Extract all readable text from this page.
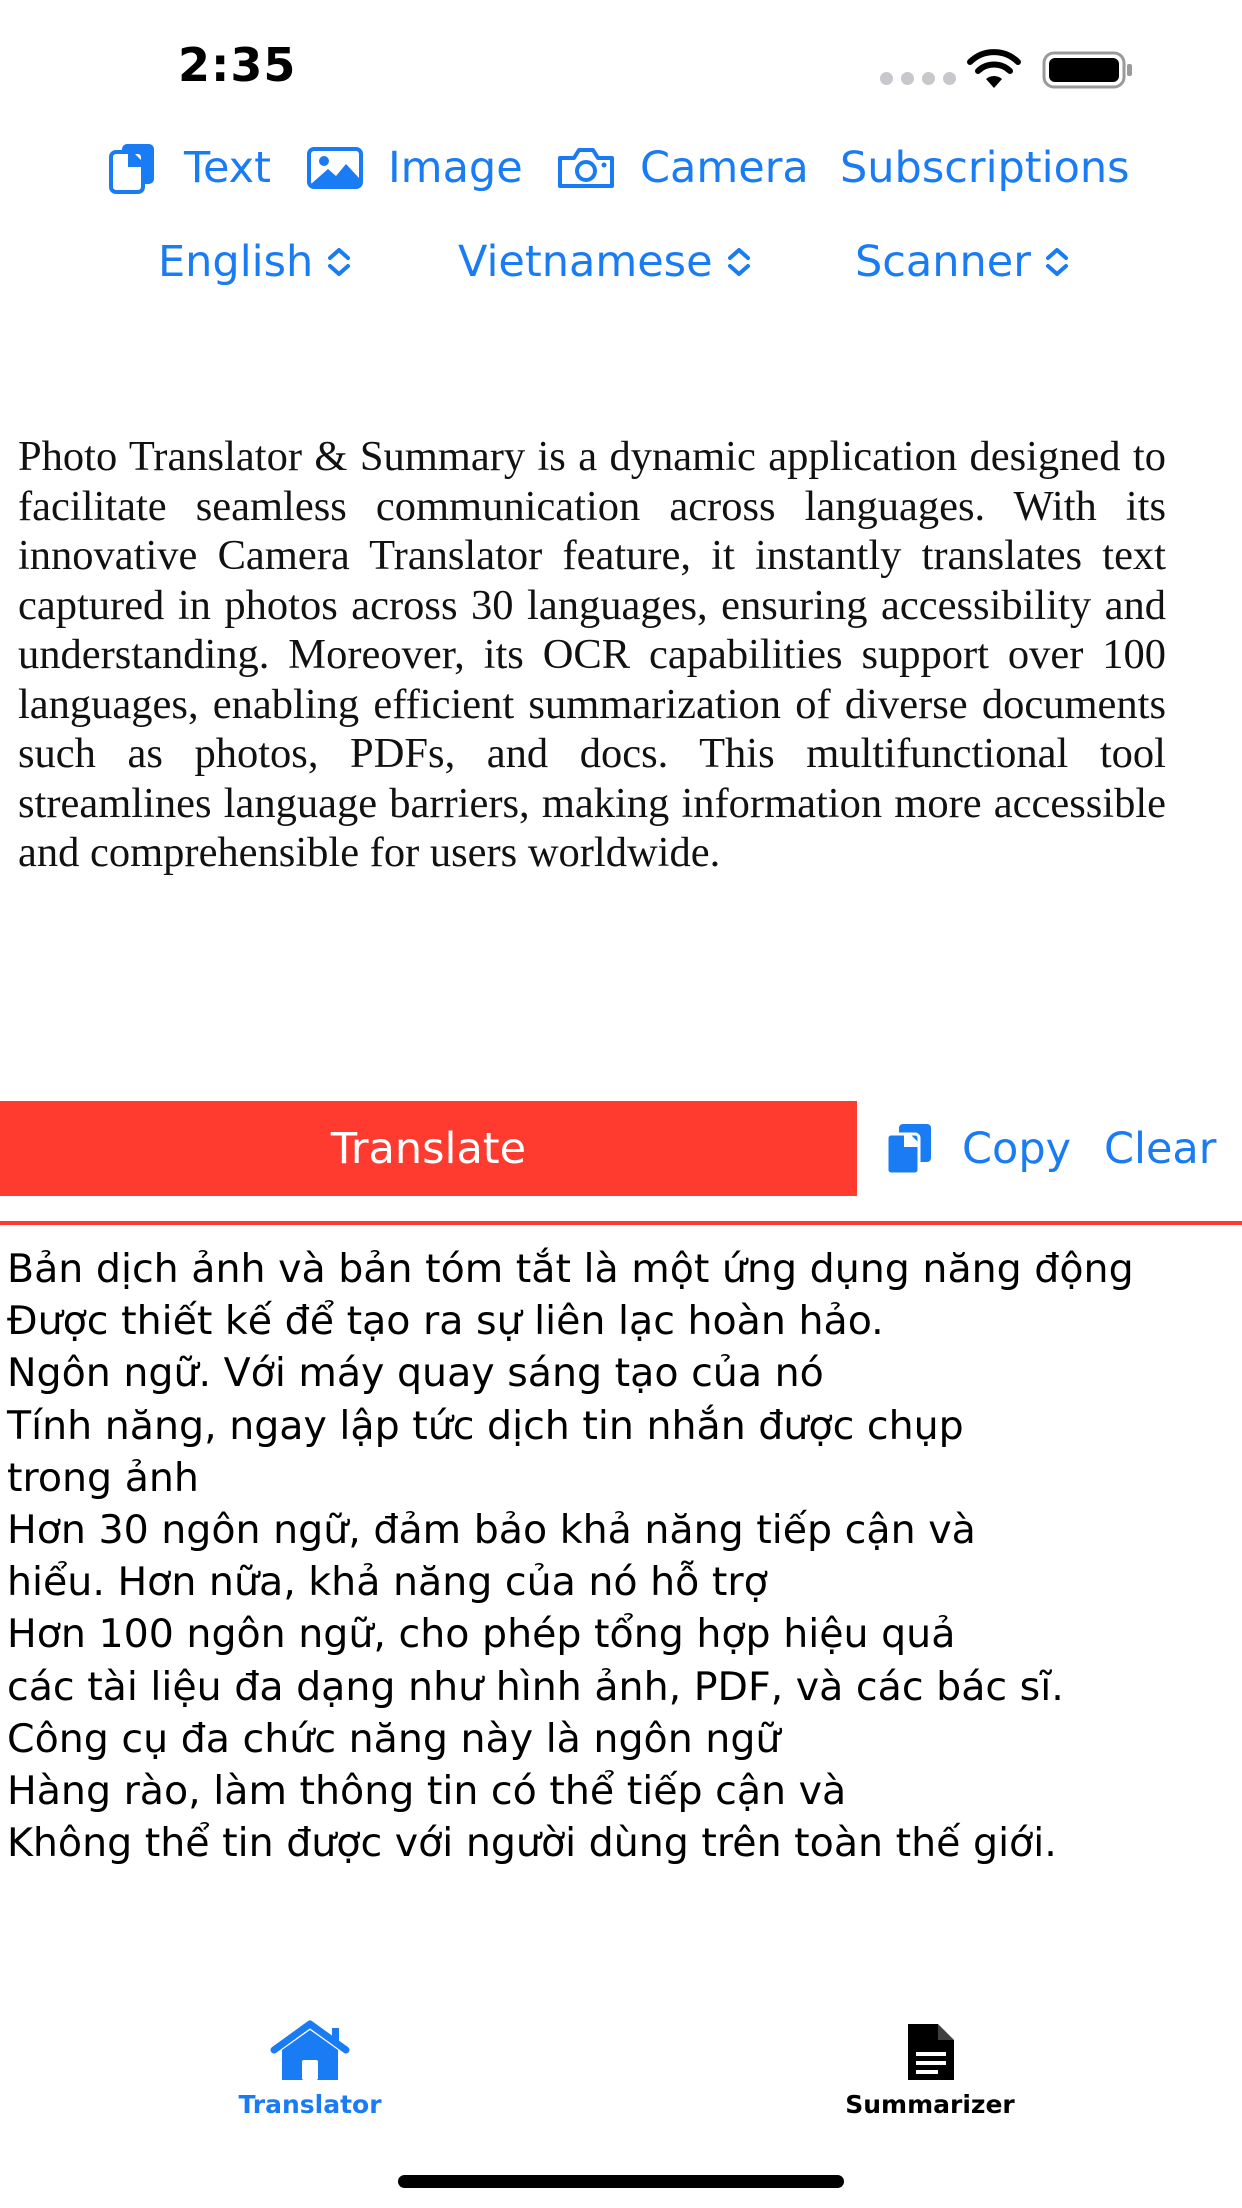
2:35
Text	Image	Camera Subscriptions
English	Vietnamese	Scanner
Photo Translator & Summary is a dynamic application designed to facilitate seamless communication across languages. With its innovative Camera Translator feature, it instantly translates text captured in photos across 30 languages, ensuring accessibility and understanding. Moreover, its OCR capabilities support over 100 languages, enabling efficient summarization of diverse documents such as photos, PDFs, and docs. This multifunctional tool streamlines language barriers, making information more accessible and comprehensible for users worldwide.
Translate	Copy Clear
Bản dịch ảnh và bản tóm tắt là một ứng dụng năng động
Được thiết kế để tạo ra sự liên lạc hoàn hảo.
Ngôn ngữ. Với máy quay sáng tạo của nó
Tính năng, ngay lập tức dịch tin nhắn được chụp
trong ảnh
Hơn 30 ngôn ngữ, đảm bảo khả năng tiếp cận và
hiểu. Hơn nữa, khả năng của nó hỗ trợ
Hơn 100 ngôn ngữ, cho phép tổng hợp hiệu quả
các tài liệu đa dạng như hình ảnh, PDF, và các bác sĩ.
Công cụ đa chức năng này là ngôn ngữ
Hàng rào, làm thông tin có thể tiếp cận và
Không thể tin được với người dùng trên toàn thế giới.
Translator	Summarizer
